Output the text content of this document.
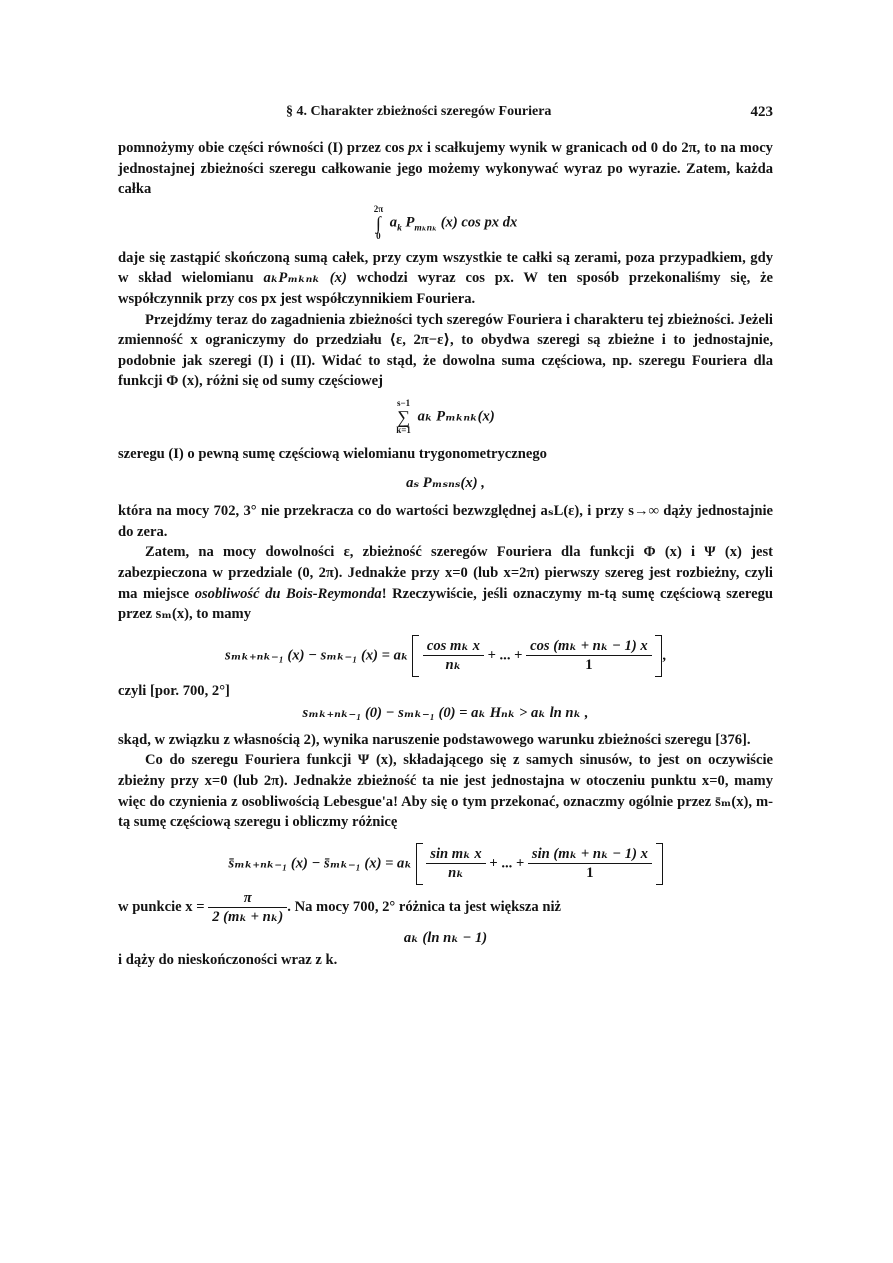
§ 4. Charakter zbieżności szeregów Fouriera	423

pomnożymy obie części równości (I) przez cos px i scałkujemy wynik w granicach od 0 do 2π, to na mocy jednostajnej zbieżności szeregu całkowanie jego możemy wykonywać wyraz po wyrazie. Zatem, każda całka

2π
∫
0
$a_k$ $P_{m_kn_k}$ (x) cos px dx

daje się zastąpić skończoną sumą całek, przy czym wszystkie te całki są zerami, poza przypadkiem, gdy w skład wielomianu aₖPₘₖₙₖ (x) wchodzi wyraz cos px. W ten sposób przekonaliśmy się, że współczynnik przy cos px jest współczynnikiem Fouriera.

Przejdźmy teraz do zagadnienia zbieżności tych szeregów Fouriera i charakteru tej zbieżności. Jeżeli zmienność x ograniczymy do przedziału ⟨ε, 2π−ε⟩, to obydwa szeregi są zbieżne i to jednostajnie, podobnie jak szeregi (I) i (II). Widać to stąd, że dowolna suma częściowa, np. szeregu Fouriera dla funkcji Φ (x), różni się od sumy częściowej

s−1
∑
k=1
aₖ Pₘₖₙₖ(x)

szeregu (I) o pewną sumę częściową wielomianu trygonometrycznego

aₛ Pₘₛₙₛ(x) ,

która na mocy 702, 3° nie przekracza co do wartości bezwzględnej aₛL(ε), i przy s→∞ dąży jednostajnie do zera.

Zatem, na mocy dowolności ε, zbieżność szeregów Fouriera dla funkcji Φ (x) i Ψ (x) jest zabezpieczona w przedziale (0, 2π). Jednakże przy x=0 (lub x=2π) pierwszy szereg jest rozbieżny, czyli ma miejsce osobliwość du Bois-Reymonda! Rzeczywiście, jeśli oznaczymy m-tą sumę częściową szeregu przez sₘ(x), to mamy

sₘₖ₊ₙₖ₋₁ (x) − sₘₖ₋₁ (x) = aₖ $\frac{\text{cos mₖ x}}{\text{nₖ}}$ + ... + $\frac{\text{cos (mₖ + nₖ − 1) x}}{1}$ ,

czyli [por. 700, 2°]

sₘₖ₊ₙₖ₋₁ (0) − sₘₖ₋₁ (0) = aₖ Hₙₖ > aₖ ln nₖ ,

skąd, w związku z własnością 2), wynika naruszenie podstawowego warunku zbieżności szeregu [376].

Co do szeregu Fouriera funkcji Ψ (x), składającego się z samych sinusów, to jest on oczywiście zbieżny przy x=0 (lub 2π). Jednakże zbieżność ta nie jest jednostajna w otoczeniu punktu x=0, mamy więc do czynienia z osobliwością Lebesgue'a! Aby się o tym przekonać, oznaczmy ogólnie przez s̄ₘ(x), m-tą sumę częściową szeregu i obliczmy różnicę

s̄ₘₖ₊ₙₖ₋₁ (x) − s̄ₘₖ₋₁ (x) = aₖ $\frac{\text{sin mₖ x}}{\text{nₖ}}$ + ... + $\frac{\text{sin (mₖ + nₖ − 1) x}}{1}$

w punkcie $x = \frac{\pi}{\text{2 (mₖ + nₖ)}}$ . Na mocy 700, 2° różnica ta jest większa niż

aₖ (ln nₖ − 1)

i dąży do nieskończoności wraz z k.
